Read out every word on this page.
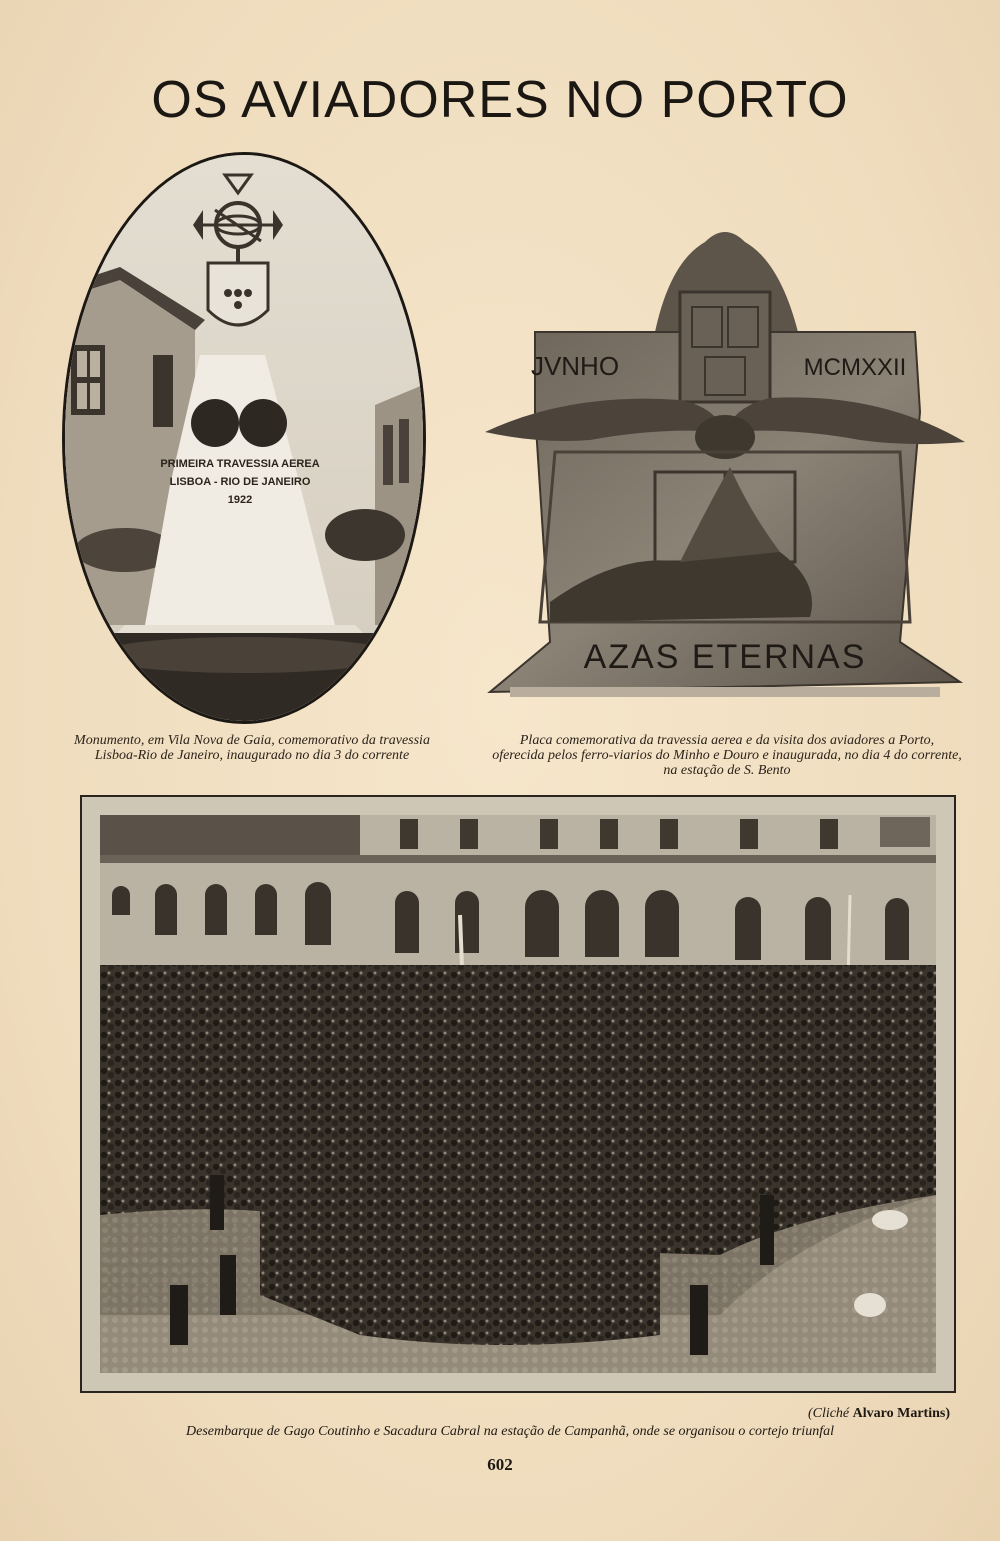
OS AVIADORES NO PORTO
PRIMEIRA TRAVESSIA AEREA
LISBOA - RIO DE JANEIRO
1922
JVNHO	MCMXXII
AZAS ETERNAS
Monumento, em Vila Nova de Gaia, comemorativo da travessia Lisboa-Rio de Janeiro, inaugurado no dia 3 do corrente
Placa comemorativa da travessia aerea e da visita dos aviadores a Porto, oferecida pelos ferro-viarios do Minho e Douro e inaugurada, no dia 4 do corrente, na estação de S. Bento
(Cliché Alvaro Martins)
Desembarque de Gago Coutinho e Sacadura Cabral na estação de Campanhã, onde se organisou o cortejo triunfal
602
